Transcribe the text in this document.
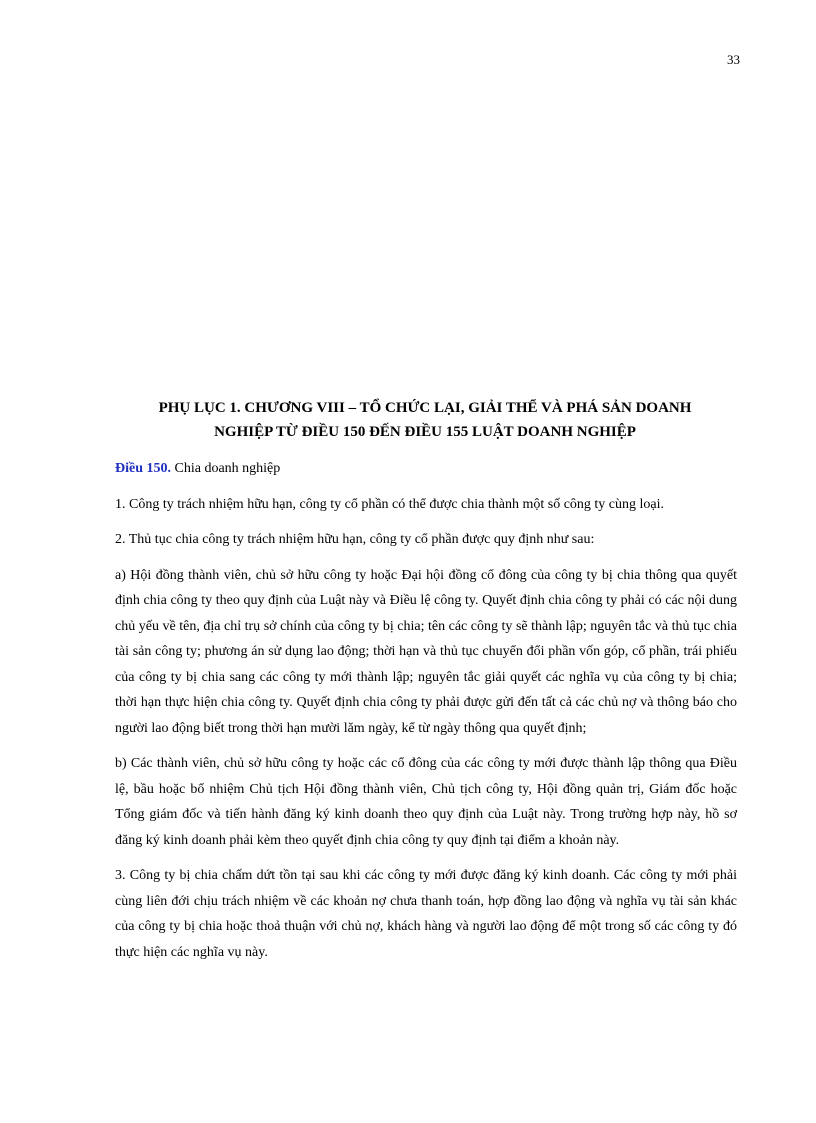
33
PHỤ LỤC 1. CHƯƠNG VIII – TỔ CHỨC LẠI, GIẢI THỂ VÀ PHÁ SẢN DOANH
NGHIỆP TỪ ĐIỀU 150 ĐẾN ĐIỀU 155 LUẬT DOANH NGHIỆP

Điều 150. Chia doanh nghiệp

1. Công ty trách nhiệm hữu hạn, công ty cổ phần có thể được chia thành một số công ty cùng loại.

2. Thủ tục chia công ty trách nhiệm hữu hạn, công ty cổ phần được quy định như sau:

a) Hội đồng thành viên, chủ sở hữu công ty hoặc Đại hội đồng cổ đông của công ty bị chia thông qua quyết định chia công ty theo quy định của Luật này và Điều lệ công ty. Quyết định chia công ty phải có các nội dung chủ yếu về tên, địa chỉ trụ sở chính của công ty bị chia; tên các công ty sẽ thành lập; nguyên tắc và thủ tục chia tài sản công ty; phương án sử dụng lao động; thời hạn và thủ tục chuyển đổi phần vốn góp, cổ phần, trái phiếu của công ty bị chia sang các công ty mới thành lập; nguyên tắc giải quyết các nghĩa vụ của công ty bị chia; thời hạn thực hiện chia công ty. Quyết định chia công ty phải được gửi đến tất cả các chủ nợ và thông báo cho người lao động biết trong thời hạn mười lăm ngày, kể từ ngày thông qua quyết định;

b) Các thành viên, chủ sở hữu công ty hoặc các cổ đông của các công ty mới được thành lập thông qua Điều lệ, bầu hoặc bổ nhiệm Chủ tịch Hội đồng thành viên, Chủ tịch công ty, Hội đồng quản trị, Giám đốc hoặc Tổng giám đốc và tiến hành đăng ký kinh doanh theo quy định của Luật này. Trong trường hợp này, hồ sơ đăng ký kinh doanh phải kèm theo quyết định chia công ty quy định tại điểm a khoản này.

3. Công ty bị chia chấm dứt tồn tại sau khi các công ty mới được đăng ký kinh doanh. Các công ty mới phải cùng liên đới chịu trách nhiệm về các khoản nợ chưa thanh toán, hợp đồng lao động và nghĩa vụ tài sản khác của công ty bị chia hoặc thoả thuận với chủ nợ, khách hàng và người lao động để một trong số các công ty đó thực hiện các nghĩa vụ này.
